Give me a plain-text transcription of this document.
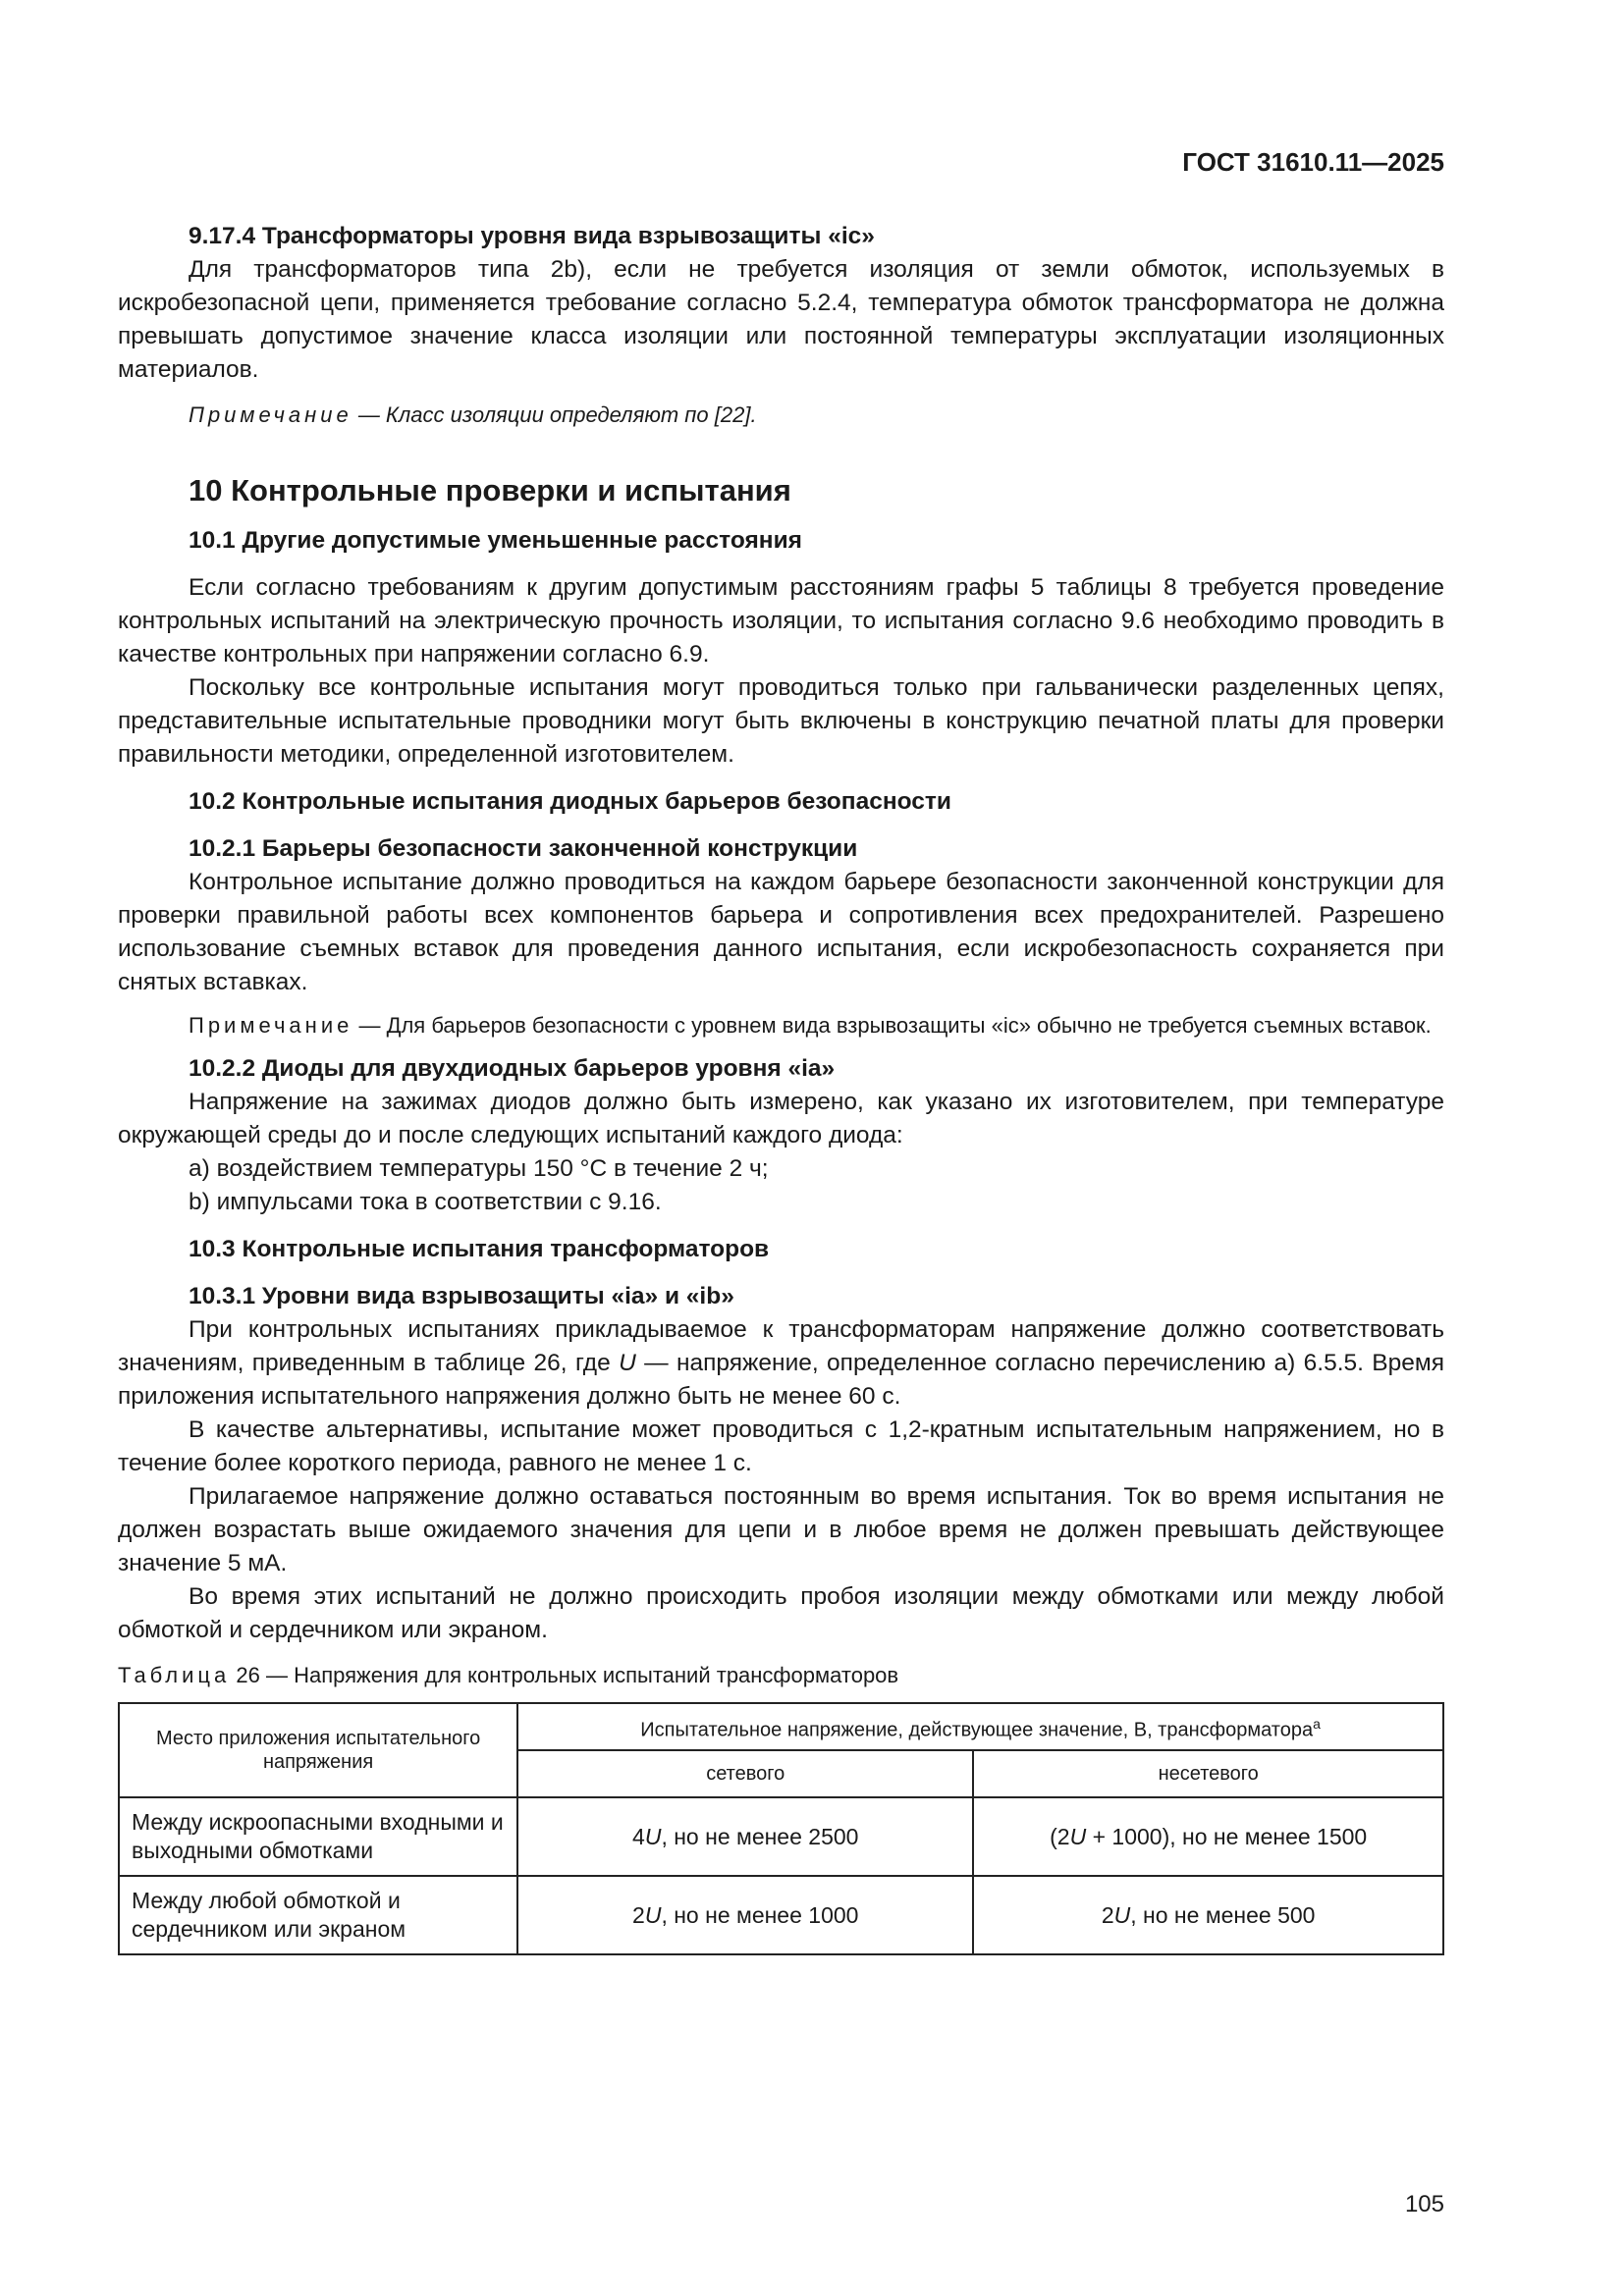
ГОСТ 31610.11—2025

9.17.4 Трансформаторы уровня вида взрывозащиты «ic»

Для трансформаторов типа 2b), если не требуется изоляция от земли обмоток, используемых в искробезопасной цепи, применяется требование согласно 5.2.4, температура обмоток трансформатора не должна превышать допустимое значение класса изоляции или постоянной температуры эксплуатации изоляционных материалов.

Примечание — Класс изоляции определяют по [22].

10 Контрольные проверки и испытания

10.1 Другие допустимые уменьшенные расстояния

Если согласно требованиям к другим допустимым расстояниям графы 5 таблицы 8 требуется проведение контрольных испытаний на электрическую прочность изоляции, то испытания согласно 9.6 необходимо проводить в качестве контрольных при напряжении согласно 6.9.

Поскольку все контрольные испытания могут проводиться только при гальванически разделенных цепях, представительные испытательные проводники могут быть включены в конструкцию печатной платы для проверки правильности методики, определенной изготовителем.

10.2 Контрольные испытания диодных барьеров безопасности

10.2.1 Барьеры безопасности законченной конструкции

Контрольное испытание должно проводиться на каждом барьере безопасности законченной конструкции для проверки правильной работы всех компонентов барьера и сопротивления всех предохранителей. Разрешено использование съемных вставок для проведения данного испытания, если искробезопасность сохраняется при снятых вставках.

Примечание — Для барьеров безопасности с уровнем вида взрывозащиты «ic» обычно не требуется съемных вставок.

10.2.2 Диоды для двухдиодных барьеров уровня «ia»

Напряжение на зажимах диодов должно быть измерено, как указано их изготовителем, при температуре окружающей среды до и после следующих испытаний каждого диода:

a) воздействием температуры 150 °C в течение 2 ч;

b) импульсами тока в соответствии с 9.16.

10.3 Контрольные испытания трансформаторов

10.3.1 Уровни вида взрывозащиты «ia» и «ib»

При контрольных испытаниях прикладываемое к трансформаторам напряжение должно соответствовать значениям, приведенным в таблице 26, где U — напряжение, определенное согласно перечислению а) 6.5.5. Время приложения испытательного напряжения должно быть не менее 60 с.

В качестве альтернативы, испытание может проводиться с 1,2-кратным испытательным напряжением, но в течение более короткого периода, равного не менее 1 с.

Прилагаемое напряжение должно оставаться постоянным во время испытания. Ток во время испытания не должен возрастать выше ожидаемого значения для цепи и в любое время не должен превышать действующее значение 5 мА.

Во время этих испытаний не должно происходить пробоя изоляции между обмотками или между любой обмоткой и сердечником или экраном.

Таблица 26 — Напряжения для контрольных испытаний трансформаторов

Место приложения испытательного напряжения	Испытательное напряжение, действующее значение, В, трансформатора$^a$
	сетевого	несетевого
Между искроопасными входными и выходными обмотками	4U, но не менее 2500	(2U + 1000), но не менее 1500
Между любой обмоткой и сердечником или экраном	2U, но не менее 1000	2U, но не менее 500
105
